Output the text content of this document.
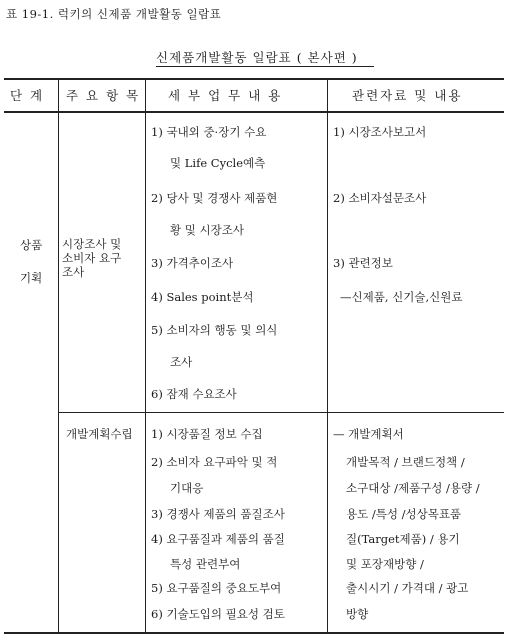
표 19-1. 럭키의 신제품 개발활동 일람표
신제품개발활동 일람표 ( 본사편 )
단 계 주 요 항 목 세 부 업 무 내 용	관련자료 및 내용
상품
기획
시장조사 및
소비자 요구
조사
1) 국내외 중·장기 수요
및 Life Cycle예측
2) 당사 및 경쟁사 제품현
황 및 시장조사
3) 가격추이조사
4) Sales point분석
5) 소비자의 행동 및 의식
조사
6) 잠재 수요조사
1) 시장조사보고서
2) 소비자설문조사
3) 관련정보
—신제품, 신기술,신원료
개발계획수립 1) 시장품질 정보 수집
2) 소비자 요구파악 및 적
기대응
3) 경쟁사 제품의 품질조사
4) 요구품질과 제품의 품질
특성 관련부여
5) 요구품질의 중요도부여
6) 기술도입의 필요성 검토
— 개발계획서
개발목적 / 브랜드정책 /
소구대상 /제품구성 /용량 /
용도 /특성 /성상목표품
질(Target제품) / 용기
및 포장재방향 /
출시시기 / 가격대 / 광고
방향
